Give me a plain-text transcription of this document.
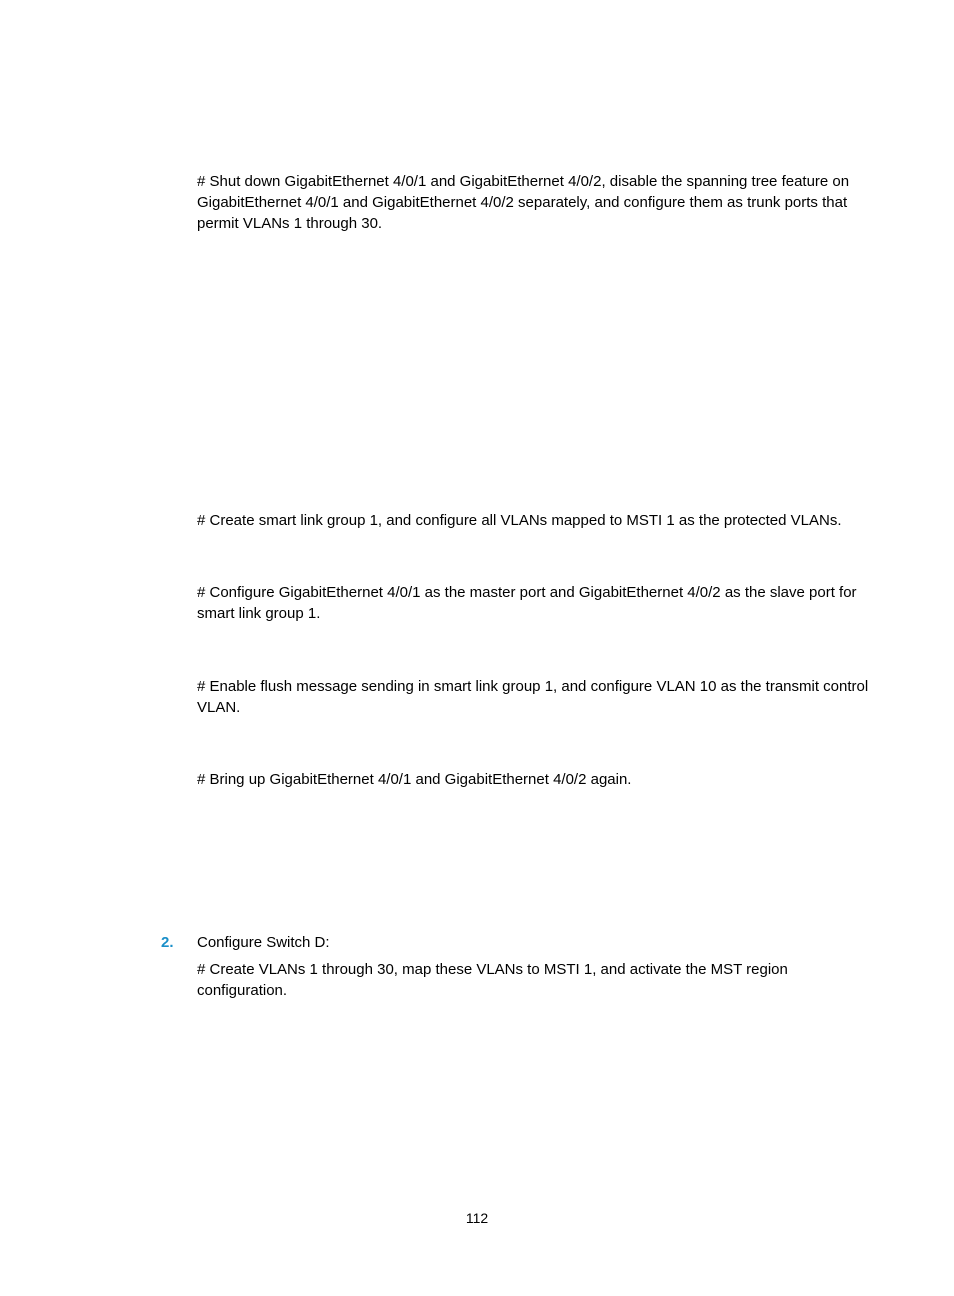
# Shut down GigabitEthernet 4/0/1 and GigabitEthernet 4/0/2, disable the spanning tree feature on GigabitEthernet 4/0/1 and GigabitEthernet 4/0/2 separately, and configure them as trunk ports that permit VLANs 1 through 30.

# Create smart link group 1, and configure all VLANs mapped to MSTI 1 as the protected VLANs.

# Configure GigabitEthernet 4/0/1 as the master port and GigabitEthernet 4/0/2 as the slave port for smart link group 1.

# Enable flush message sending in smart link group 1, and configure VLAN 10 as the transmit control VLAN.

# Bring up GigabitEthernet 4/0/1 and GigabitEthernet 4/0/2 again.

2. Configure Switch D:

# Create VLANs 1 through 30, map these VLANs to MSTI 1, and activate the MST region configuration.

112
